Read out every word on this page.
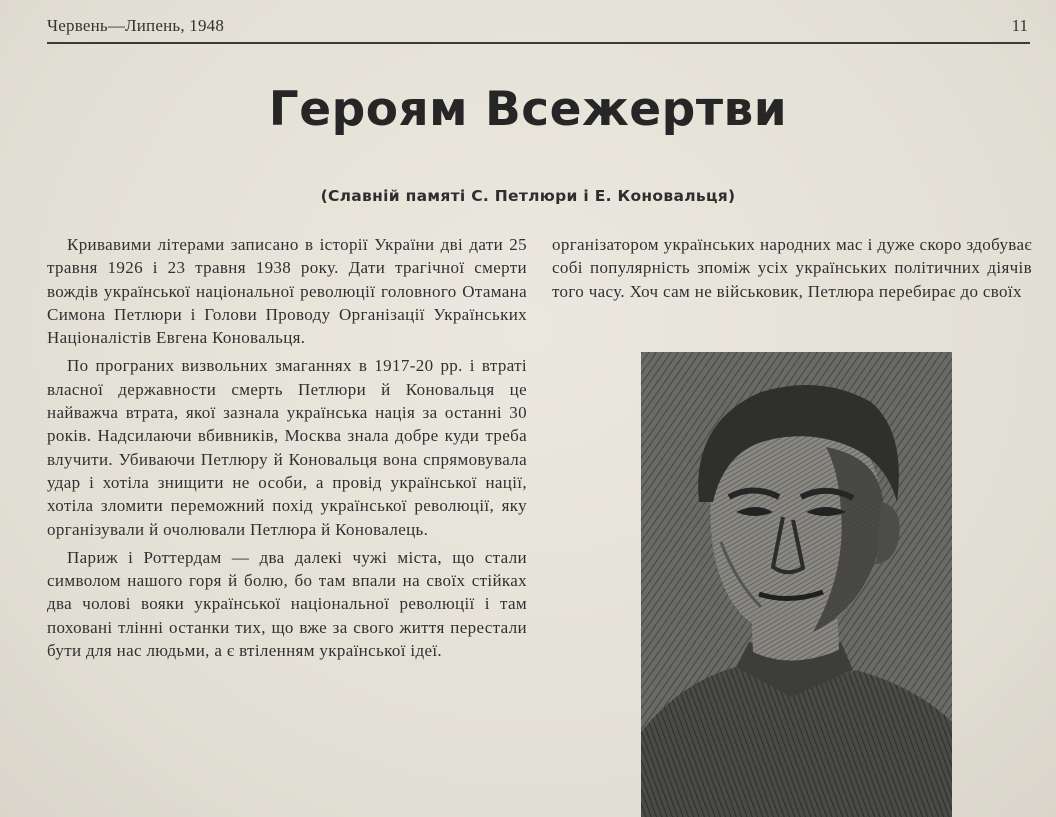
Червень—Липень, 1948	11
Героям Всежертви
(Славній памяті С. Петлюри і Е. Коновальця)

Кривавими літерами записано в історії України дві дати 25 травня 1926 і 23 травня 1938 року. Дати трагічної смерти вождів української національної революції головного Отамана Симона Петлюри і Голови Проводу Організації Українських Націоналістів Евгена Коновальця.

По програних визвольних змаганнях в 1917-20 рр. і втраті власної державности смерть Петлюри й Коновальця це найважча втрата, якої зазнала українська нація за останні 30 років. Надсилаючи вбивників, Москва знала добре куди треба влучити. Убиваючи Петлюру й Коновальця вона спрямовувала удар і хотіла знищити не особи, а провід української нації, хотіла зломити переможний похід української революції, яку організували й очолювали Петлюра й Коновалець.

Париж і Роттердам — два далекі чужі міста, що стали символом нашого горя й болю, бо там впали на своїх стійках два чолові вояки української національної революції і там поховані тлінні останки тих, що вже за свого життя перестали бути для нас людьми, а є втіленням української ідеї.

організатором українських народних мас і дуже скоро здобуває собі популярність зпоміж усіх українських політичних діячів того часу. Хоч сам не військовик, Петлюра перебирає до своїх
